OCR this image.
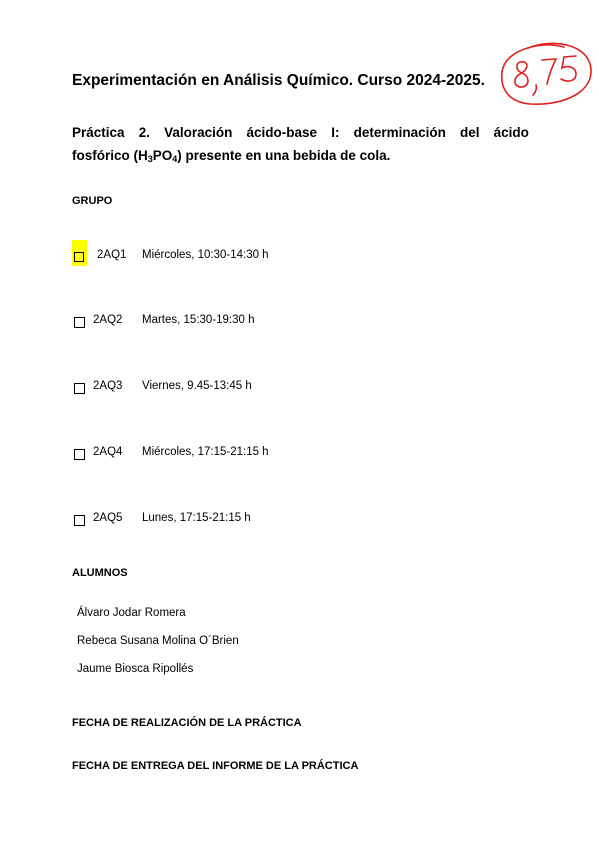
Experimentación en Análisis Químico. Curso 2024-2025.
Práctica 2. Valoración ácido-base I: determinación del ácido
fosfórico $(H_3PO_4)$ presente en una bebida de cola.
GRUPO
2AQ1 Miércoles, 10:30-14:30 h
2AQ2 Martes, 15:30-19:30 h
2AQ3 Viernes, 9.45-13:45 h
2AQ4 Miércoles, 17:15-21:15 h
2AQ5 Lunes, 17:15-21:15 h
ALUMNOS
Álvaro Jodar Romera
Rebeca Susana Molina O´Brien
Jaume Biosca Ripollés
FECHA DE REALIZACIÓN DE LA PRÁCTICA
FECHA DE ENTREGA DEL INFORME DE LA PRÁCTICA
